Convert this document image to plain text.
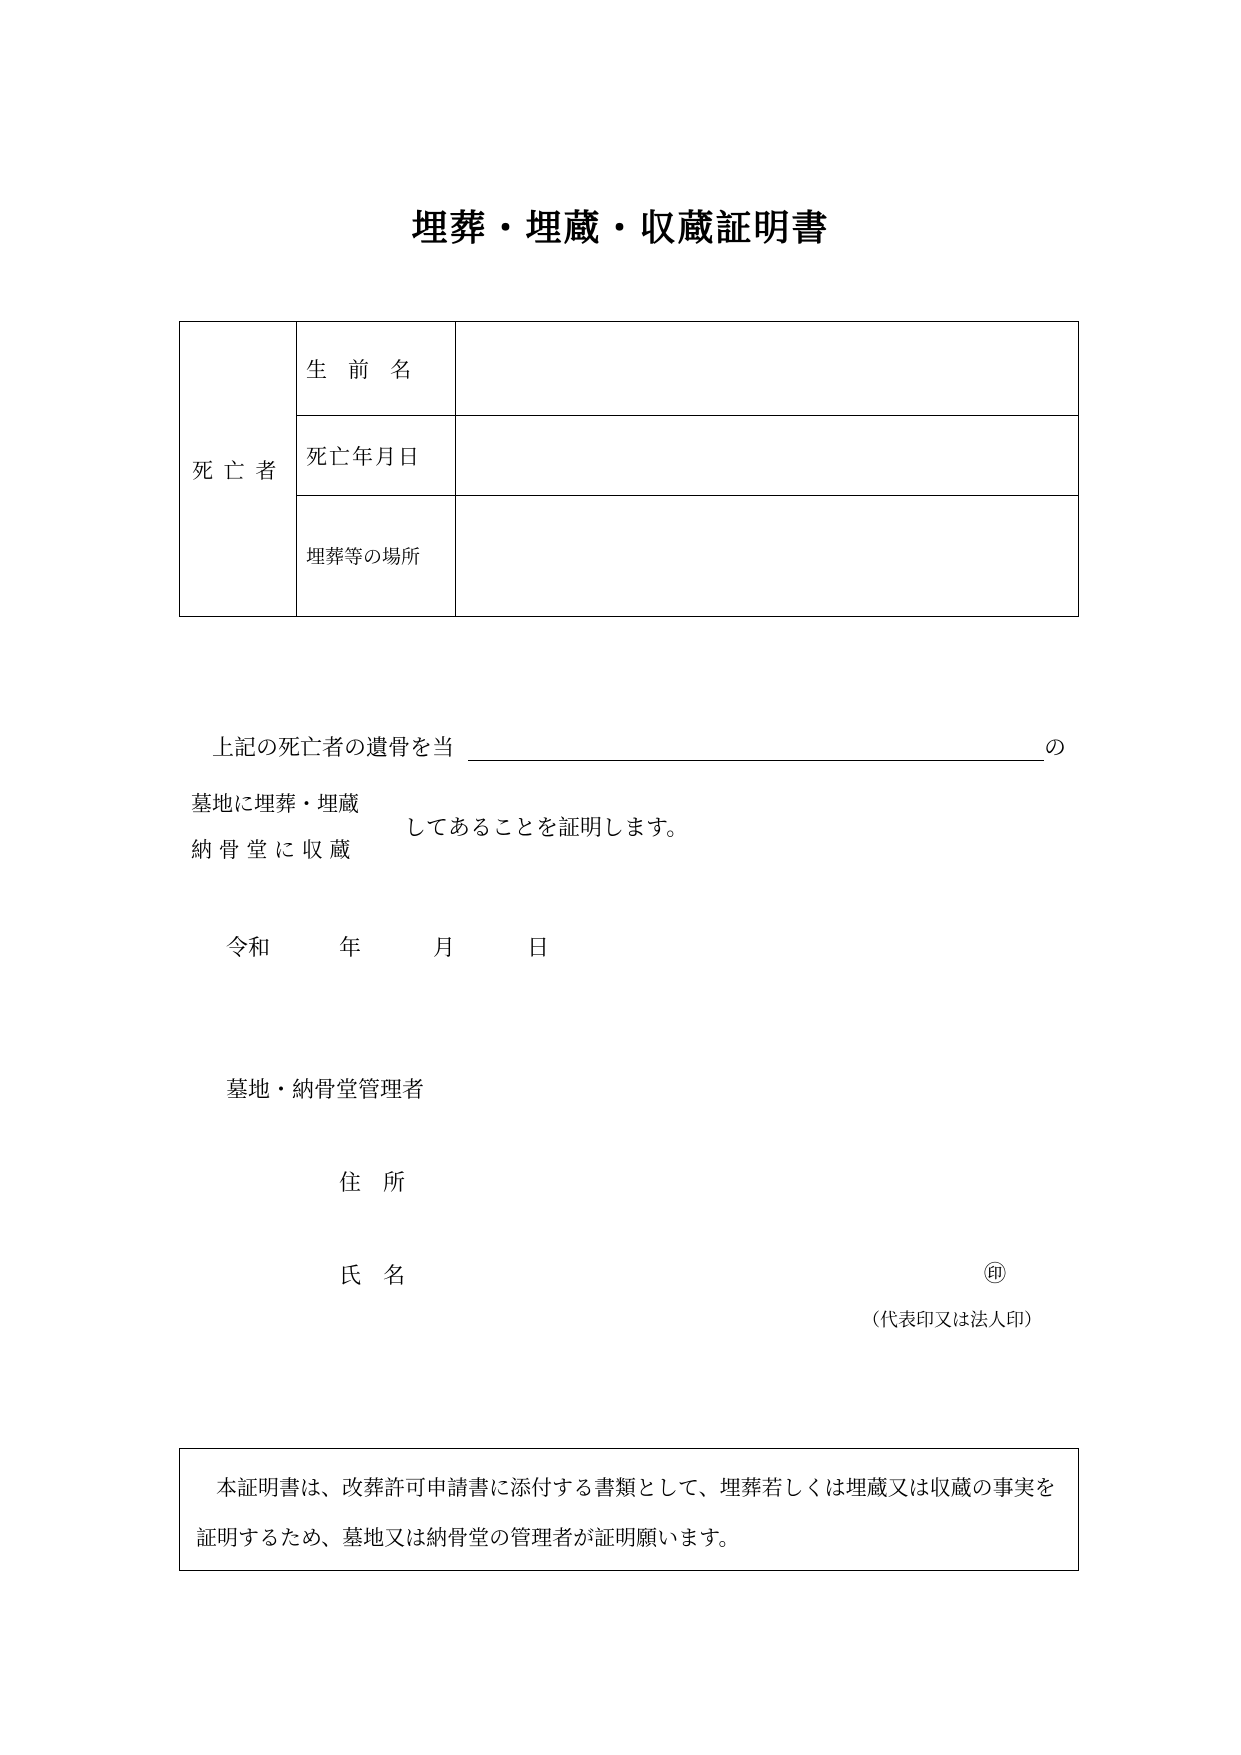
埋葬・埋蔵・収蔵証明書
死 亡 者
生　前　名
死亡年月日
埋葬等の場所
上記の死亡者の遺骨を当	の
墓地に埋葬・埋蔵
納 骨 堂 に 収 蔵
してあることを証明します。
令和	年	月	日
墓地・納骨堂管理者
住　所
氏　名	㊞
（代表印又は法人印）
本証明書は、改葬許可申請書に添付する書類として、埋葬若しくは埋蔵又は収蔵の事実を
証明するため、墓地又は納骨堂の管理者が証明願います。
